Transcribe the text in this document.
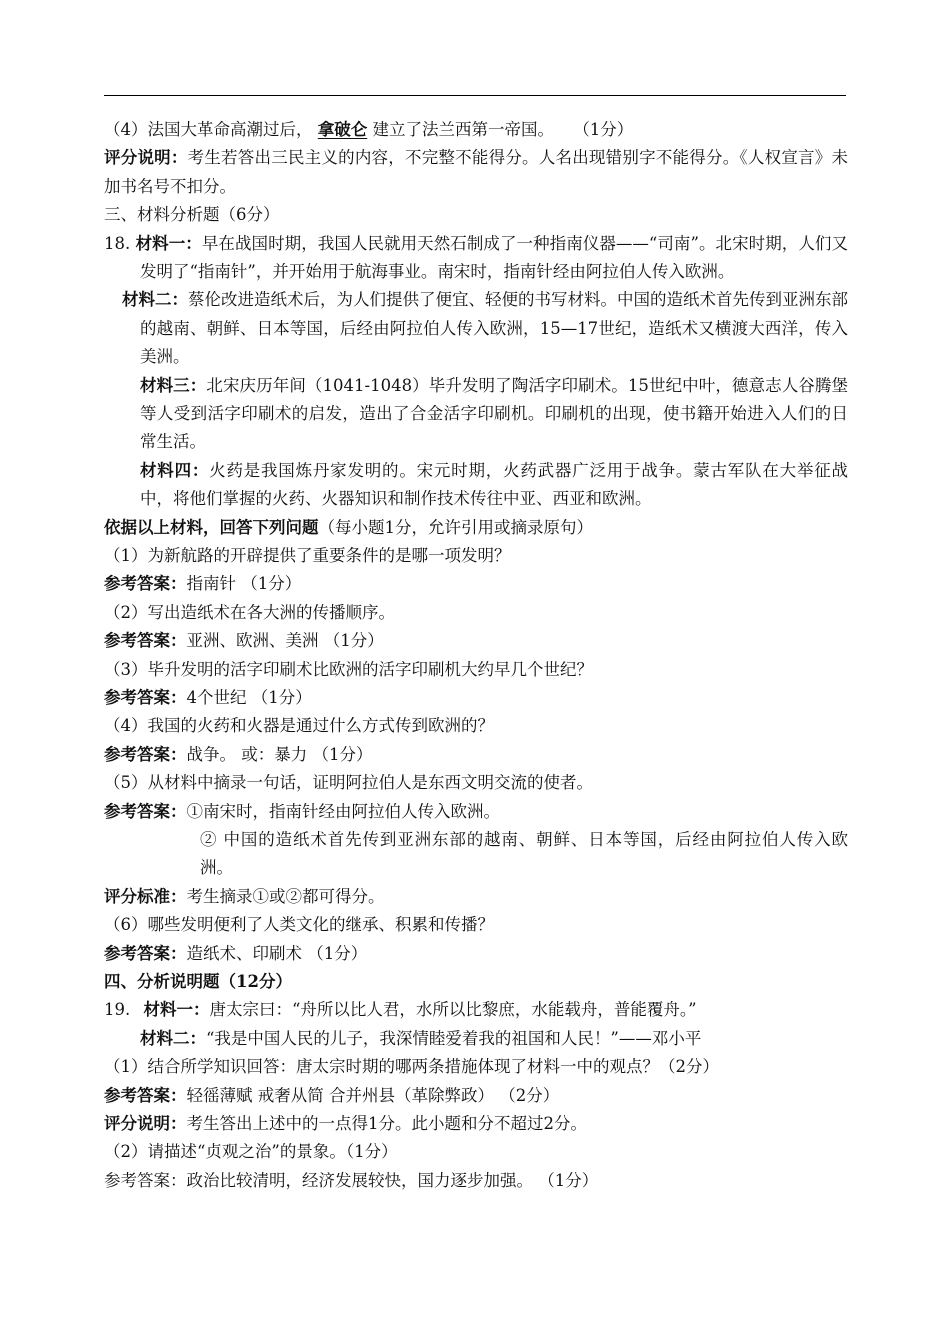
（4）法国大革命高潮过后， 拿破仑 建立了法兰西第一帝国。 （1分）
评分说明：考生若答出三民主义的内容，不完整不能得分。人名出现错别字不能得分。《人权宣言》未加书名号不扣分。
三、材料分析题（6分）
18. 材料一：早在战国时期，我国人民就用天然石制成了一种指南仪器——“司南”。北宋时期，人们又发明了“指南针”，并开始用于航海事业。南宋时，指南针经由阿拉伯人传入欧洲。
材料二：蔡伦改进造纸术后，为人们提供了便宜、轻便的书写材料。中国的造纸术首先传到亚洲东部的越南、朝鲜、日本等国，后经由阿拉伯人传入欧洲，15—17世纪，造纸术又横渡大西洋，传入美洲。
材料三：北宋庆历年间（1041-1048）毕升发明了陶活字印刷术。15世纪中叶，德意志人谷腾堡等人受到活字印刷术的启发，造出了合金活字印刷机。印刷机的出现，使书籍开始进入人们的日常生活。
材料四：火药是我国炼丹家发明的。宋元时期，火药武器广泛用于战争。蒙古军队在大举征战中，将他们掌握的火药、火器知识和制作技术传往中亚、西亚和欧洲。
依据以上材料，回答下列问题（每小题1分，允许引用或摘录原句）
（1）为新航路的开辟提供了重要条件的是哪一项发明？
参考答案：指南针 （1分）
（2）写出造纸术在各大洲的传播顺序。
参考答案：亚洲、欧洲、美洲 （1分）
（3）毕升发明的活字印刷术比欧洲的活字印刷机大约早几个世纪？
参考答案：4个世纪 （1分）
（4）我国的火药和火器是通过什么方式传到欧洲的？
参考答案：战争。 或：暴力 （1分）
（5）从材料中摘录一句话，证明阿拉伯人是东西文明交流的使者。
参考答案：①南宋时，指南针经由阿拉伯人传入欧洲。
② 中国的造纸术首先传到亚洲东部的越南、朝鲜、日本等国，后经由阿拉伯人传入欧洲。
评分标准：考生摘录①或②都可得分。
（6）哪些发明便利了人类文化的继承、积累和传播？
参考答案：造纸术、印刷术 （1分）
四、分析说明题（12分）
19. 材料一：唐太宗曰：“舟所以比人君，水所以比黎庶，水能载舟，普能覆舟。”
材料二：“我是中国人民的儿子，我深情睦爱着我的祖国和人民！”——邓小平
（1）结合所学知识回答：唐太宗时期的哪两条措施体现了材料一中的观点？（2分）
参考答案：轻徭薄赋 戒奢从简 合并州县（革除弊政） （2分）
评分说明：考生答出上述中的一点得1分。此小题和分不超过2分。
（2）请描述“贞观之治”的景象。（1分）
参考答案：政治比较清明，经济发展较快，国力逐步加强。 （1分）
